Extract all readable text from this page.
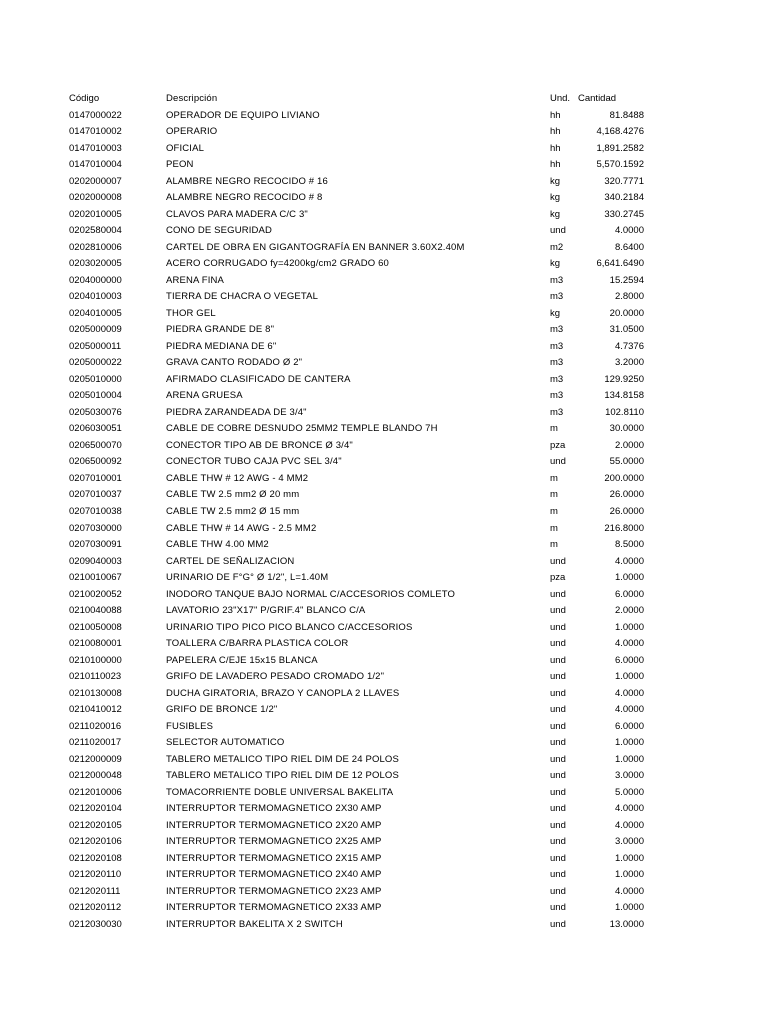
Código	Descripción	Und. Cantidad
0147000022	OPERADOR DE EQUIPO LIVIANO	hh	81.8488
0147010002	OPERARIO	hh	4,168.4276
0147010003	OFICIAL	hh	1,891.2582
0147010004	PEON	hh	5,570.1592
0202000007	ALAMBRE NEGRO RECOCIDO # 16	kg	320.7771
0202000008	ALAMBRE NEGRO RECOCIDO # 8	kg	340.2184
0202010005	CLAVOS PARA MADERA C/C 3"	kg	330.2745
0202580004	CONO DE SEGURIDAD	und	4.0000
0202810006	CARTEL DE OBRA EN GIGANTOGRAFÍA EN BANNER 3.60X2.40M	m2	8.6400
0203020005	ACERO CORRUGADO fy=4200kg/cm2 GRADO 60	kg	6,641.6490
0204000000	ARENA FINA	m3	15.2594
0204010003	TIERRA DE CHACRA O VEGETAL	m3	2.8000
0204010005	THOR GEL	kg	20.0000
0205000009	PIEDRA GRANDE DE 8"	m3	31.0500
0205000011	PIEDRA MEDIANA DE 6"	m3	4.7376
0205000022	GRAVA CANTO RODADO Ø 2"	m3	3.2000
0205010000	AFIRMADO CLASIFICADO DE CANTERA	m3	129.9250
0205010004	ARENA GRUESA	m3	134.8158
0205030076	PIEDRA ZARANDEADA DE 3/4"	m3	102.8110
0206030051	CABLE DE COBRE DESNUDO 25MM2 TEMPLE BLANDO 7H	m	30.0000
0206500070	CONECTOR TIPO AB DE BRONCE Ø 3/4"	pza	2.0000
0206500092	CONECTOR TUBO CAJA PVC SEL 3/4"	und	55.0000
0207010001	CABLE THW # 12 AWG - 4 MM2	m	200.0000
0207010037	CABLE TW 2.5 mm2 Ø 20 mm	m	26.0000
0207010038	CABLE TW 2.5 mm2 Ø 15 mm	m	26.0000
0207030000	CABLE THW # 14 AWG - 2.5 MM2	m	216.8000
0207030091	CABLE THW 4.00 MM2	m	8.5000
0209040003	CARTEL DE SEÑALIZACION	und	4.0000
0210010067	URINARIO DE F°G° Ø 1/2", L=1.40M	pza	1.0000
0210020052	INODORO TANQUE BAJO NORMAL C/ACCESORIOS COMLETO	und	6.0000
0210040088	LAVATORIO 23"X17" P/GRIF.4" BLANCO C/A	und	2.0000
0210050008	URINARIO TIPO PICO PICO BLANCO C/ACCESORIOS	und	1.0000
0210080001	TOALLERA C/BARRA PLASTICA COLOR	und	4.0000
0210100000	PAPELERA C/EJE 15x15 BLANCA	und	6.0000
0210110023	GRIFO DE LAVADERO PESADO CROMADO 1/2"	und	1.0000
0210130008	DUCHA GIRATORIA, BRAZO Y CANOPLA 2 LLAVES	und	4.0000
0210410012	GRIFO DE BRONCE 1/2"	und	4.0000
0211020016	FUSIBLES	und	6.0000
0211020017	SELECTOR AUTOMATICO	und	1.0000
0212000009	TABLERO METALICO TIPO RIEL DIM DE 24 POLOS	und	1.0000
0212000048	TABLERO METALICO TIPO RIEL DIM DE 12 POLOS	und	3.0000
0212010006	TOMACORRIENTE DOBLE UNIVERSAL BAKELITA	und	5.0000
0212020104	INTERRUPTOR TERMOMAGNETICO 2X30 AMP	und	4.0000
0212020105	INTERRUPTOR TERMOMAGNETICO 2X20 AMP	und	4.0000
0212020106	INTERRUPTOR TERMOMAGNETICO 2X25 AMP	und	3.0000
0212020108	INTERRUPTOR TERMOMAGNETICO 2X15 AMP	und	1.0000
0212020110	INTERRUPTOR TERMOMAGNETICO 2X40 AMP	und	1.0000
0212020111	INTERRUPTOR TERMOMAGNETICO 2X23 AMP	und	4.0000
0212020112	INTERRUPTOR TERMOMAGNETICO 2X33 AMP	und	1.0000
0212030030	INTERRUPTOR BAKELITA X 2 SWITCH	und	13.0000
